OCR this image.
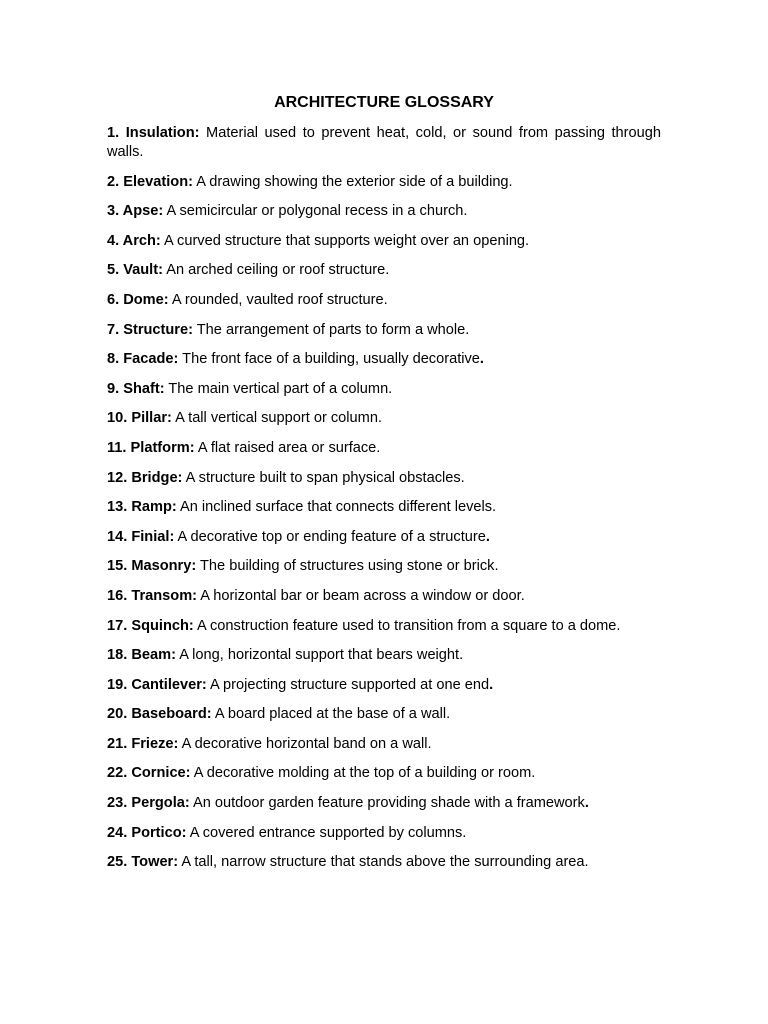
ARCHITECTURE GLOSSARY

1. Insulation: Material used to prevent heat, cold, or sound from passing through walls.

2. Elevation: A drawing showing the exterior side of a building.

3. Apse: A semicircular or polygonal recess in a church.

4. Arch: A curved structure that supports weight over an opening.

5. Vault: An arched ceiling or roof structure.

6. Dome: A rounded, vaulted roof structure.

7. Structure: The arrangement of parts to form a whole.

8. Facade: The front face of a building, usually decorative.

9. Shaft: The main vertical part of a column.

10. Pillar: A tall vertical support or column.

11. Platform: A flat raised area or surface.

12. Bridge: A structure built to span physical obstacles.

13. Ramp: An inclined surface that connects different levels.

14. Finial: A decorative top or ending feature of a structure.

15. Masonry: The building of structures using stone or brick.

16. Transom: A horizontal bar or beam across a window or door.

17. Squinch: A construction feature used to transition from a square to a dome.

18. Beam: A long, horizontal support that bears weight.

19. Cantilever: A projecting structure supported at one end.

20. Baseboard: A board placed at the base of a wall.

21. Frieze: A decorative horizontal band on a wall.

22. Cornice: A decorative molding at the top of a building or room.

23. Pergola: An outdoor garden feature providing shade with a framework.

24. Portico: A covered entrance supported by columns.

25. Tower: A tall, narrow structure that stands above the surrounding area.
